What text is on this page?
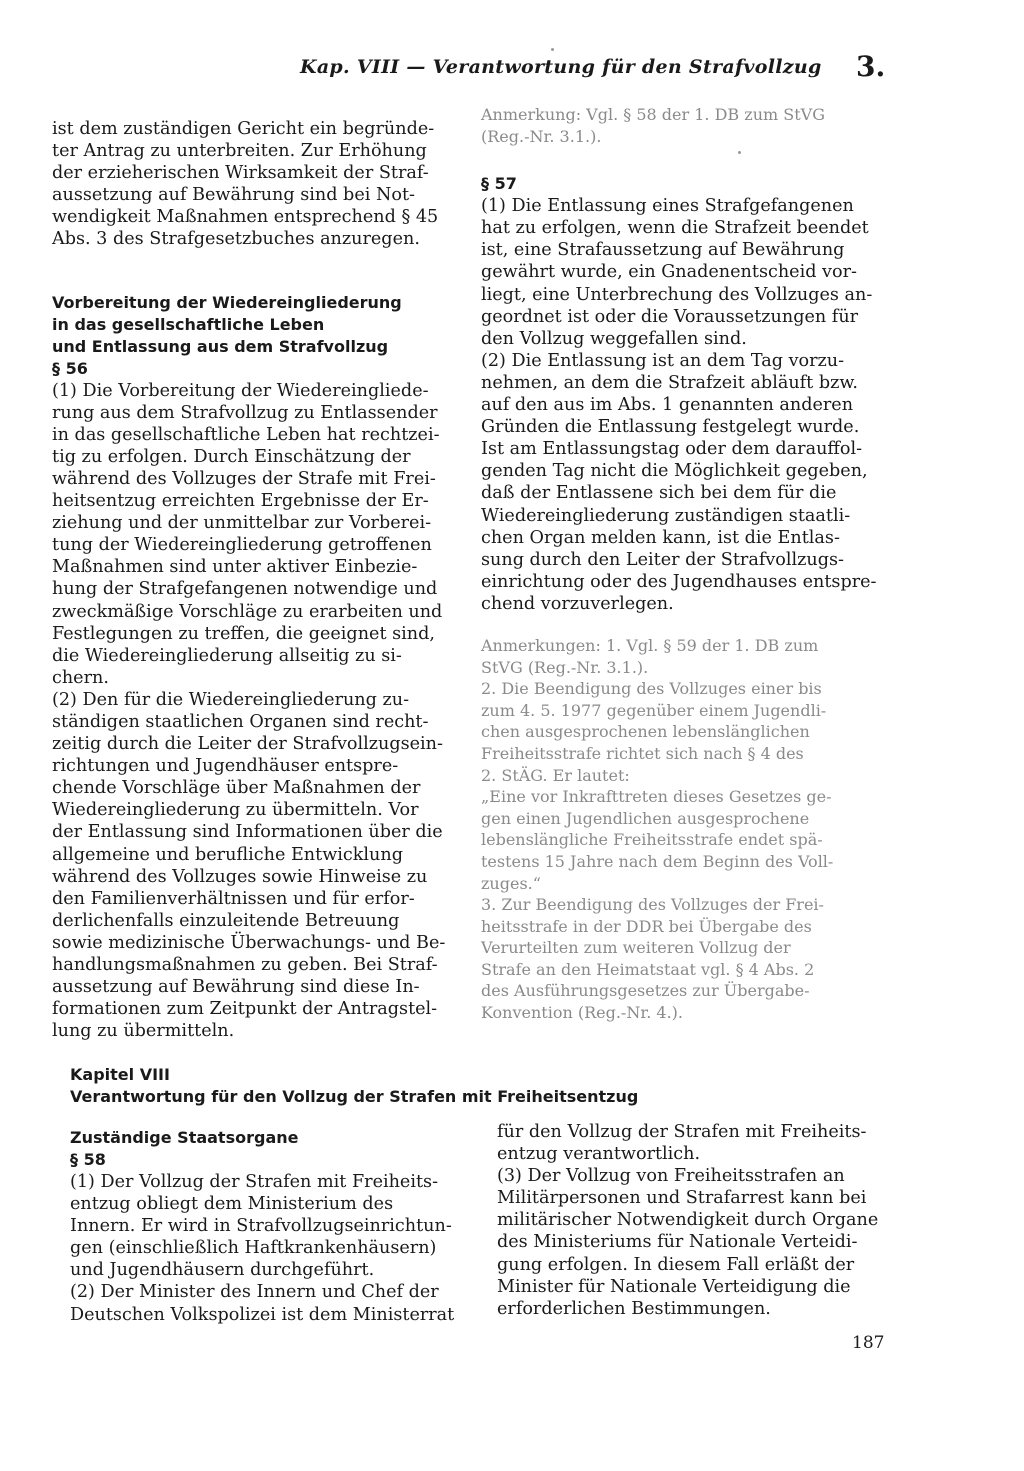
Kap. VIII — Verantwortung für den Strafvollzug 3.

ist dem zuständigen Gericht ein begründe-
ter Antrag zu unterbreiten. Zur Erhöhung
der erzieherischen Wirksamkeit der Straf-
aussetzung auf Bewährung sind bei Not-
wendigkeit Maßnahmen entsprechend § 45
Abs. 3 des Strafgesetzbuches anzuregen.

Vorbereitung der Wiedereingliederung
in das gesellschaftliche Leben
und Entlassung aus dem Strafvollzug
§ 56

(1) Die Vorbereitung der Wiedereingliede-
rung aus dem Strafvollzug zu Entlassender
in das gesellschaftliche Leben hat rechtzei-
tig zu erfolgen. Durch Einschätzung der
während des Vollzuges der Strafe mit Frei-
heitsentzug erreichten Ergebnisse der Er-
ziehung und der unmittelbar zur Vorberei-
tung der Wiedereingliederung getroffenen
Maßnahmen sind unter aktiver Einbezie-
hung der Strafgefangenen notwendige und
zweckmäßige Vorschläge zu erarbeiten und
Festlegungen zu treffen, die geeignet sind,
die Wiedereingliederung allseitig zu si-
chern.

(2) Den für die Wiedereingliederung zu-
ständigen staatlichen Organen sind recht-
zeitig durch die Leiter der Strafvollzugsein-
richtungen und Jugendhäuser entspre-
chende Vorschläge über Maßnahmen der
Wiedereingliederung zu übermitteln. Vor
der Entlassung sind Informationen über die
allgemeine und berufliche Entwicklung
während des Vollzuges sowie Hinweise zu
den Familienverhältnissen und für erfor-
derlichenfalls einzuleitende Betreuung
sowie medizinische Überwachungs- und Be-
handlungsmaßnahmen zu geben. Bei Straf-
aussetzung auf Bewährung sind diese In-
formationen zum Zeitpunkt der Antragstel-
lung zu übermitteln.

Anmerkung: Vgl. § 58 der 1. DB zum StVG
(Reg.-Nr. 3.1.).
§ 57

(1) Die Entlassung eines Strafgefangenen
hat zu erfolgen, wenn die Strafzeit beendet
ist, eine Strafaussetzung auf Bewährung
gewährt wurde, ein Gnadenentscheid vor-
liegt, eine Unterbrechung des Vollzuges an-
geordnet ist oder die Voraussetzungen für
den Vollzug weggefallen sind.

(2) Die Entlassung ist an dem Tag vorzu-
nehmen, an dem die Strafzeit abläuft bzw.
auf den aus im Abs. 1 genannten anderen
Gründen die Entlassung festgelegt wurde.
Ist am Entlassungstag oder dem darauffol-
genden Tag nicht die Möglichkeit gegeben,
daß der Entlassene sich bei dem für die
Wiedereingliederung zuständigen staatli-
chen Organ melden kann, ist die Entlas-
sung durch den Leiter der Strafvollzugs-
einrichtung oder des Jugendhauses entspre-
chend vorzuverlegen.

Anmerkungen: 1. Vgl. § 59 der 1. DB zum
StVG (Reg.-Nr. 3.1.).
2. Die Beendigung des Vollzuges einer bis
zum 4. 5. 1977 gegenüber einem Jugendli-
chen ausgesprochenen lebenslänglichen
Freiheitsstrafe richtet sich nach § 4 des
2. StÄG. Er lautet:
„Eine vor Inkrafttreten dieses Gesetzes ge-
gen einen Jugendlichen ausgesprochene
lebenslängliche Freiheitsstrafe endet spä-
testens 15 Jahre nach dem Beginn des Voll-
zuges.“
3. Zur Beendigung des Vollzuges der Frei-
heitsstrafe in der DDR bei Übergabe des
Verurteilten zum weiteren Vollzug der
Strafe an den Heimatstaat vgl. § 4 Abs. 2
des Ausführungsgesetzes zur Übergabe-
Konvention (Reg.-Nr. 4.).
Kapitel VIII
Verantwortung für den Vollzug der Strafen mit Freiheitsentzug
Zuständige Staatsorgane
§ 58

(1) Der Vollzug der Strafen mit Freiheits-
entzug obliegt dem Ministerium des
Innern. Er wird in Strafvollzugseinrichtun-
gen (einschließlich Haftkrankenhäusern)
und Jugendhäusern durchgeführt.

(2) Der Minister des Innern und Chef der
Deutschen Volkspolizei ist dem Ministerrat

für den Vollzug der Strafen mit Freiheits-
entzug verantwortlich.

(3) Der Vollzug von Freiheitsstrafen an
Militärpersonen und Strafarrest kann bei
militärischer Notwendigkeit durch Organe
des Ministeriums für Nationale Verteidi-
gung erfolgen. In diesem Fall erläßt der
Minister für Nationale Verteidigung die
erforderlichen Bestimmungen.

187
